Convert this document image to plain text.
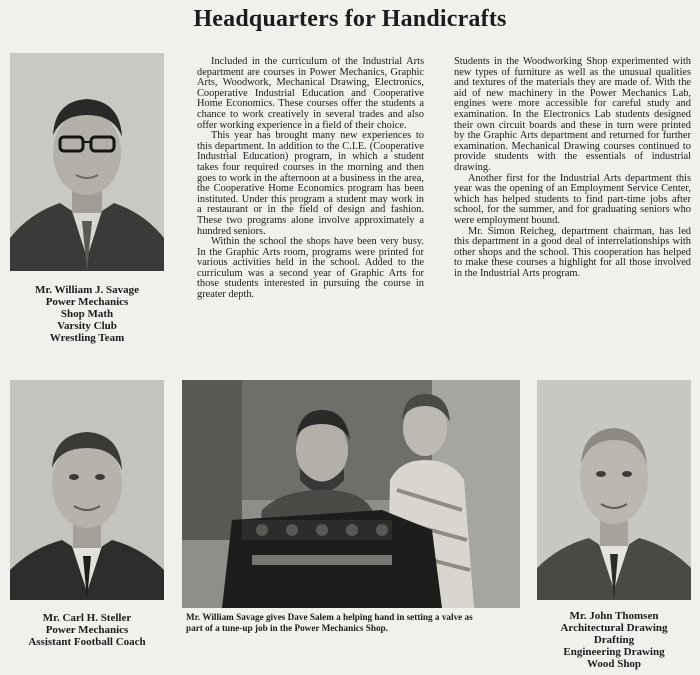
Headquarters for Handicrafts
Mr. William J. Savage
Power Mechanics
Shop Math
Varsity Club
Wrestling Team

Included in the curriculum of the Industrial Arts department are courses in Power Mechanics, Graphic Arts, Woodwork, Mechanical Drawing, Electronics, Cooperative Industrial Education and Cooperative Home Economics. These courses offer the students a chance to work creatively in several trades and also offer working experience in a field of their choice.

This year has brought many new experiences to this department. In addition to the C.I.E. (Cooperative Industrial Education) program, in which a student takes four required courses in the morning and then goes to work in the afternoon at a business in the area, the Cooperative Home Economics program has been instituted. Under this program a student may work in a restaurant or in the field of design and fashion. These two programs alone involve approximately a hundred seniors.

Within the school the shops have been very busy. In the Graphic Arts room, programs were printed for various activities held in the school. Added to the curriculum was a second year of Graphic Arts for those students interested in pursuing the course in greater depth.

Students in the Woodworking Shop experimented with new types of furniture as well as the unusual qualities and textures of the materials they are made of. With the aid of new machinery in the Power Mechanics Lab, engines were more accessible for careful study and examination. In the Electronics Lab students designed their own circuit boards and these in turn were printed by the Graphic Arts department and returned for further examination. Mechanical Drawing courses continued to provide students with the essentials of industrial drawing.

Another first for the Industrial Arts department this year was the opening of an Employment Service Center, which has helped students to find part-time jobs after school, for the summer, and for graduating seniors who were employment bound.

Mr. Simon Reicheg, department chairman, has led this department in a good deal of interrelationships with other shops and the school. This cooperation has helped to make these courses a highlight for all those involved in the Industrial Arts program.

Mr. Carl H. Steller
Power Mechanics
Assistant Football Coach
Mr. William Savage gives Dave Salem a helping hand in setting a valve as part of a tune-up job in the Power Mechanics Shop.
Mr. John Thomsen
Architectural Drawing
Drafting
Engineering Drawing
Wood Shop
